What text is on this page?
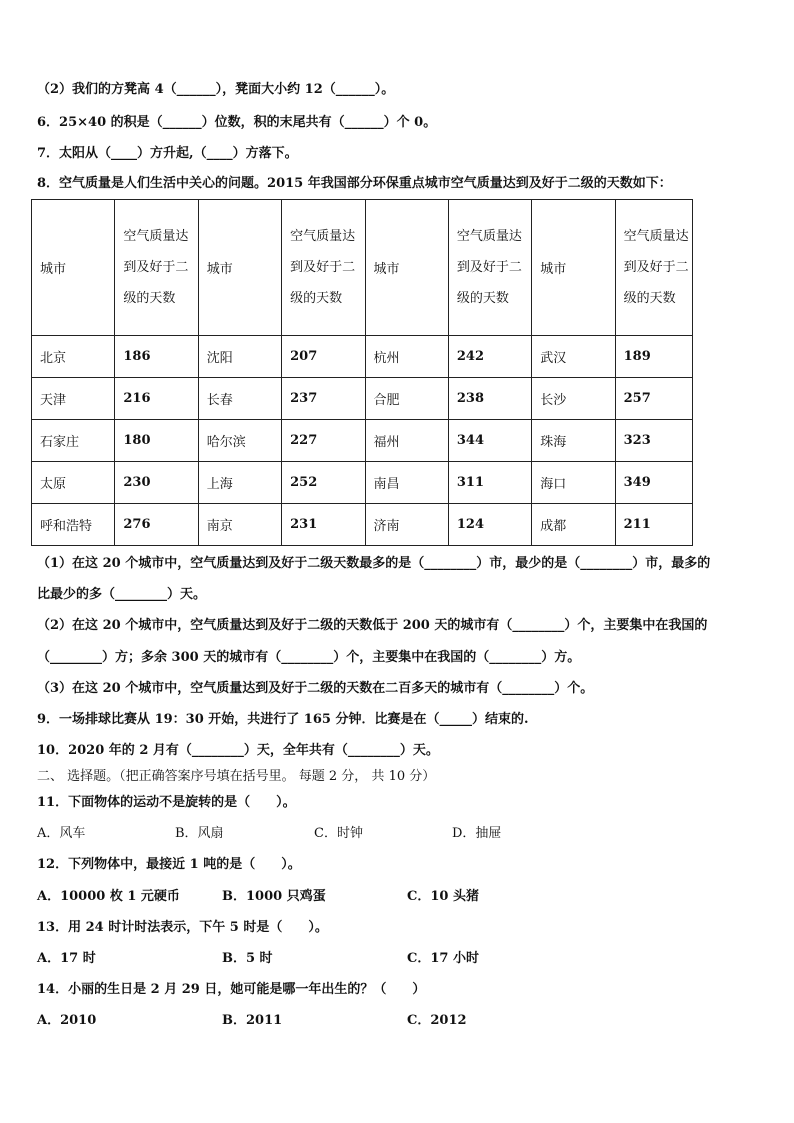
（2）我们的方凳高 4（______），凳面大小约 12（______）。
6．25×40 的积是（______）位数，积的末尾共有（______）个 0。
7．太阳从（____）方升起,（____）方落下。
8．空气质量是人们生活中关心的问题。2015 年我国部分环保重点城市空气质量达到及好于二级的天数如下：
城市	空气质量达到及好于二级的天数	城市	空气质量达到及好于二级的天数	城市	空气质量达到及好于二级的天数	城市	空气质量达到及好于二级的天数
北京	186	沈阳	207	杭州	242	武汉	189
天津	216	长春	237	合肥	238	长沙	257
石家庄	180	哈尔滨	227	福州	344	珠海	323
太原	230	上海	252	南昌	311	海口	349
呼和浩特	276	南京	231	济南	124	成都	211
（1）在这 20 个城市中，空气质量达到及好于二级天数最多的是（________）市，最少的是（________）市，最多的
比最少的多（________）天。
（2）在这 20 个城市中，空气质量达到及好于二级的天数低于 200 天的城市有（________）个，主要集中在我国的
（________）方；多余 300 天的城市有（________）个，主要集中在我国的（________）方。
（3）在这 20 个城市中，空气质量达到及好于二级的天数在二百多天的城市有（________）个。
9．一场排球比赛从 19：30 开始，共进行了 165 分钟．比赛是在（_____）结束的.
10．2020 年的 2 月有（________）天，全年共有（________）天。
二、 选择题。（把正确答案序号填在括号里。 每题 2 分， 共 10 分）
11．下面物体的运动不是旋转的是（　　）。
A．风车	B．风扇	C．时钟	D．抽屉
12．下列物体中，最接近 1 吨的是（　　）。
A．10000 枚 1 元硬币	B．1000 只鸡蛋	C．10 头猪
13．用 24 时计时法表示，下午 5 时是（　　）。
A．17 时	B．5 时	C．17 小时
14．小丽的生日是 2 月 29 日，她可能是哪一年出生的？（　　）
A．2010	B．2011	C．2012
